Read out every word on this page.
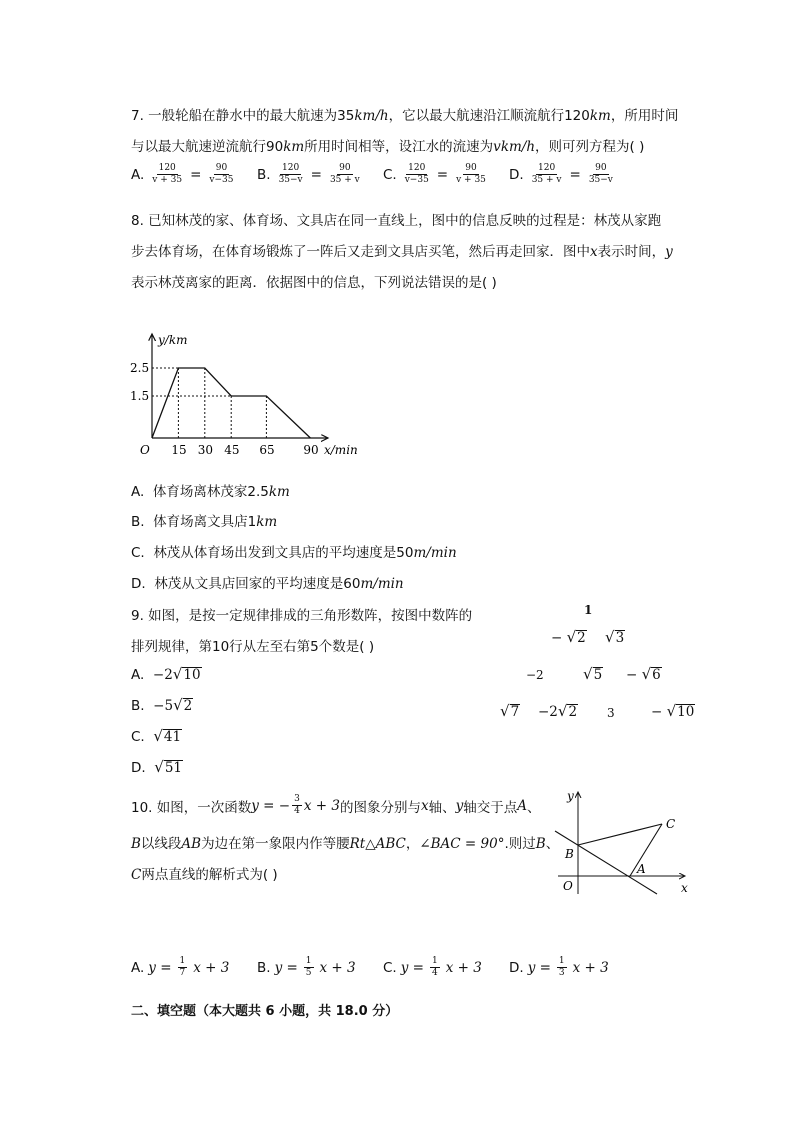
7. 一般轮船在静水中的最大航速为35km/h，它以最大航速沿江顺流航行120km，所用时间
与以最大航速逆流航行90km所用时间相等，设江水的流速为vkm/h，则可列方程为( )
A. $\frac{120}{v + 35} = \frac{90}{v-35} B$. $\frac{120}{35-v} = \frac{90}{35 + v} C$. $\frac{120}{v-35} = \frac{90}{v + 35} D$. $\frac{120}{35 + v} = \frac{90}{35-v}$
8. 已知林茂的家、体育场、文具店在同一直线上，图中的信息反映的过程是：林茂从家跑
步去体育场，在体育场锻炼了一阵后又走到文具店买笔，然后再走回家．图中x表示时间，y
表示林茂离家的距离．依据图中的信息，下列说法错误的是( )
15 30 45 65 90
2.5
1.5
y/km
x/min
O
A. 体育场离林茂家2.5km
B. 体育场离文具店1km
C. 林茂从体育场出发到文具店的平均速度是50m/min
D. 林茂从文具店回家的平均速度是60m/min
9. 如图，是按一定规律排成的三角形数阵，按图中数阵的
排列规律，第10行从左至右第5个数是( )
A. −2 √ 10
B. −5 √ 2
C. √ 41
D. √ 51
1
− √ 2 √ 3
−2	√ 5 − √ 6
√ 7 −2 √ 2 3	− √ 10
10. 如图，一次函数 y = − $\frac{3}{4}$ x + 3 的图象分别与 x 轴、 y 轴交于点 A 、
B以线段AB为边在第一象限内作等腰Rt△ABC，∠BAC = 90°.则过B、
C两点直线的解析式为( )
y
x
O
B
A
C
A. $y = \frac{1}{7}$ x + 3 B. $y = \frac{1}{5}$ x + 3 C. $y = \frac{1}{4}$ x + 3 D. $y = \frac{1}{3}$ x + 3
二、填空题（本大题共 6 小题，共 18.0 分）
